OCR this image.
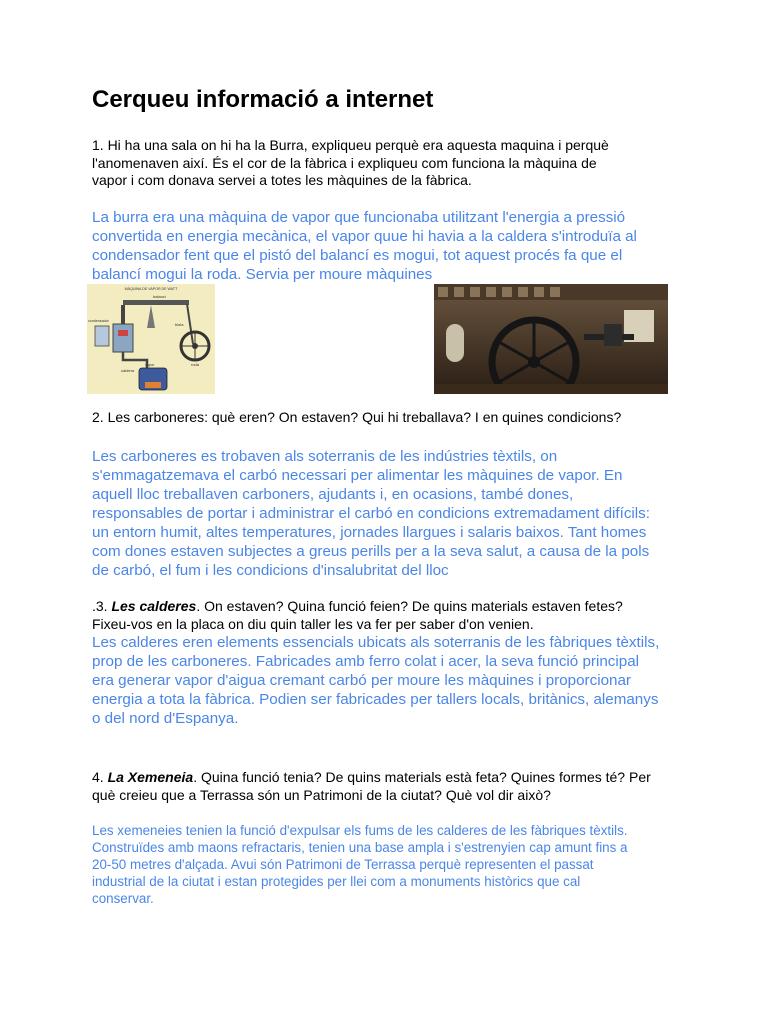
Cerqueu informació a internet
1. Hi ha una sala on hi ha la Burra, expliqueu perquè era aquesta maquina i perquè
l'anomenaven així. És el cor de la fàbrica i expliqueu com funciona la màquina de
vapor i com donava servei a totes les màquines de la fàbrica.
La burra era una màquina de vapor que funcionaba utilitzant l'energia a pressió
convertida en energia mecànica, el vapor quue hi havia a la caldera s'introduïa al
condensador fent que el pistó del balancí es mogui, tot aquest procés fa que el
balancí mogui la roda. Servia per moure màquines
MÀQUINA DE VAPOR DE WATT
balancí
condensador
biela
caldera
vapor	roda
2. Les carboneres: què eren? On estaven? Qui hi treballava? I en quines condicions?
Les carboneres es trobaven als soterranis de les indústries tèxtils, on
s'emmagatzemava el carbó necessari per alimentar les màquines de vapor. En
aquell lloc treballaven carboners, ajudants i, en ocasions, també dones,
responsables de portar i administrar el carbó en condicions extremadament difícils:
un entorn humit, altes temperatures, jornades llargues i salaris baixos. Tant homes
com dones estaven subjectes a greus perills per a la seva salut, a causa de la pols
de carbó, el fum i les condicions d'insalubritat del lloc
.3. Les calderes. On estaven? Quina funció feien? De quins materials estaven fetes?
Fixeu-vos en la placa on diu quin taller les va fer per saber d'on venien.
Les calderes eren elements essencials ubicats als soterranis de les fàbriques tèxtils,
prop de les carboneres. Fabricades amb ferro colat i acer, la seva funció principal
era generar vapor d'aigua cremant carbó per moure les màquines i proporcionar
energia a tota la fàbrica. Podien ser fabricades per tallers locals, britànics, alemanys
o del nord d'Espanya.
4. La Xemeneia. Quina funció tenia? De quins materials està feta? Quines formes té? Per
què creieu que a Terrassa són un Patrimoni de la ciutat? Què vol dir això?
Les xemeneies tenien la funció d'expulsar els fums de les calderes de les fàbriques tèxtils.
Construïdes amb maons refractaris, tenien una base ampla i s'estrenyien cap amunt fins a
20-50 metres d'alçada. Avui són Patrimoni de Terrassa perquè representen el passat
industrial de la ciutat i estan protegides per llei com a monuments històrics que cal
conservar.
